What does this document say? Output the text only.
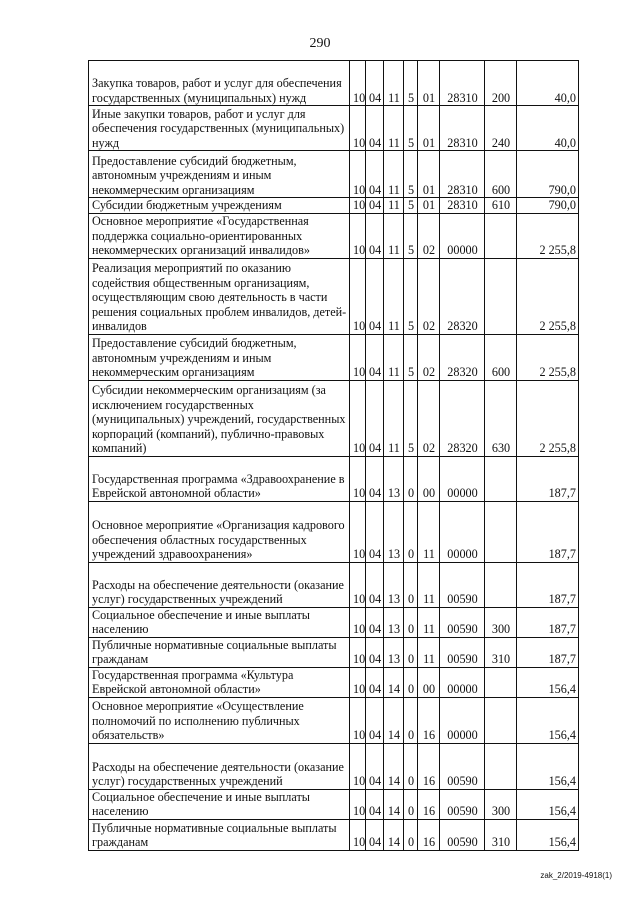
290
Закупка товаров, работ и услуг для обеспечения государственных (муниципальных) нужд	10	04	11	5	01	28310	200	40,0
Иные закупки товаров, работ и услуг для обеспечения государственных (муниципальных) нужд	10	04	11	5	01	28310	240	40,0
Предоставление субсидий бюджетным, автономным учреждениям и иным некоммерческим организациям	10	04	11	5	01	28310	600	790,0
Субсидии бюджетным учреждениям	10	04	11	5	01	28310	610	790,0
Основное мероприятие «Государственная поддержка социально-ориентированных некоммерческих организаций инвалидов»	10	04	11	5	02	00000		2 255,8
Реализация мероприятий по оказанию содействия общественным организациям, осуществляющим свою деятельность в части решения социальных проблем инвалидов, детей-инвалидов	10	04	11	5	02	28320		2 255,8
Предоставление субсидий бюджетным, автономным учреждениям и иным некоммерческим организациям	10	04	11	5	02	28320	600	2 255,8
Субсидии некоммерческим организациям (за исключением государственных (муниципальных) учреждений, государственных корпораций (компаний), публично-правовых компаний)	10	04	11	5	02	28320	630	2 255,8
Государственная программа «Здравоохранение в Еврейской автономной области»	10	04	13	0	00	00000		187,7
Основное мероприятие «Организация кадрового обеспечения областных государственных учреждений здравоохранения»	10	04	13	0	11	00000		187,7
Расходы на обеспечение деятельности (оказание услуг) государственных учреждений	10	04	13	0	11	00590		187,7
Социальное обеспечение и иные выплаты населению	10	04	13	0	11	00590	300	187,7
Публичные нормативные социальные выплаты гражданам	10	04	13	0	11	00590	310	187,7
Государственная программа «Культура Еврейской автономной области»	10	04	14	0	00	00000		156,4
Основное мероприятие «Осуществление полномочий по исполнению публичных обязательств»	10	04	14	0	16	00000		156,4
Расходы на обеспечение деятельности (оказание услуг) государственных учреждений	10	04	14	0	16	00590		156,4
Социальное обеспечение и иные выплаты населению	10	04	14	0	16	00590	300	156,4
Публичные нормативные социальные выплаты гражданам	10	04	14	0	16	00590	310	156,4
zak_2/2019-4918(1)
